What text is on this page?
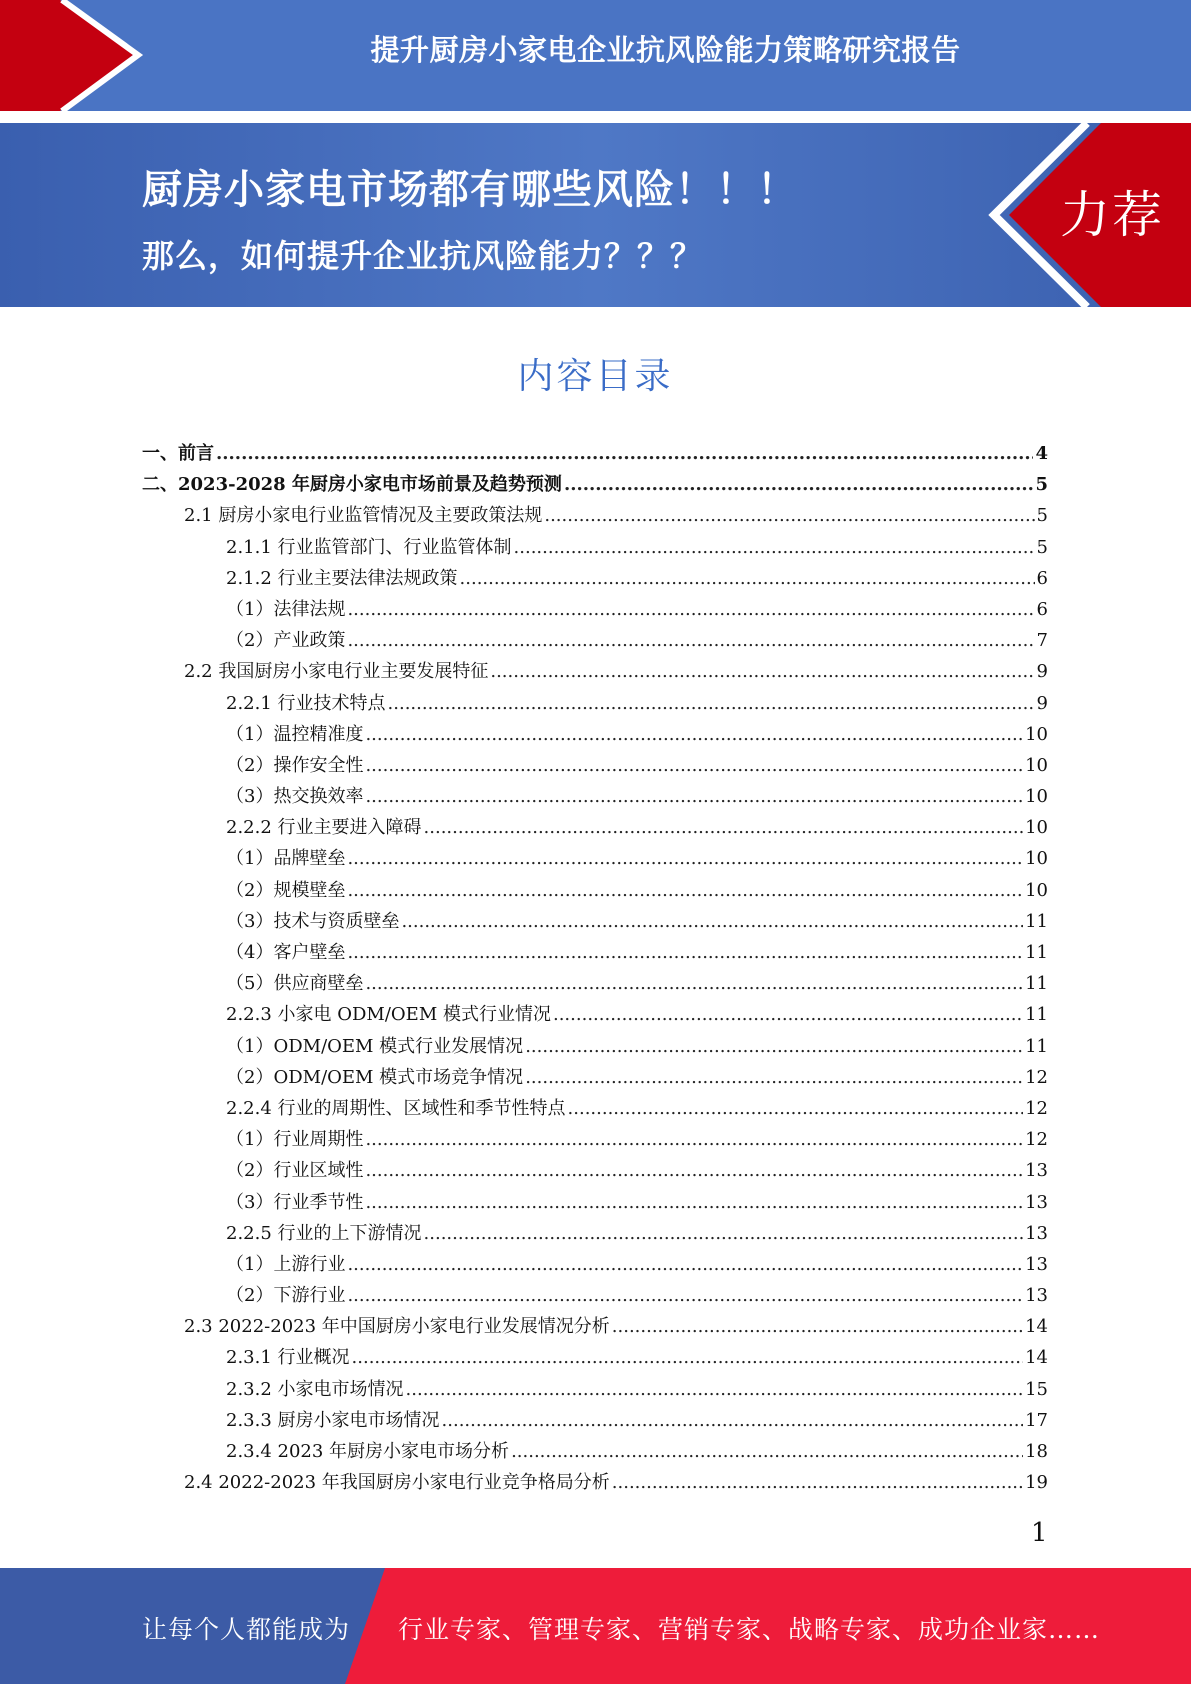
提升厨房小家电企业抗风险能力策略研究报告
厨房小家电市场都有哪些风险！！！
那么，如何提升企业抗风险能力？？？
力荐
内容目录
一、前言 .....	4
二、2023-2028 年厨房小家电市场前景及趋势预测 .....	5
2.1 厨房小家电行业监管情况及主要政策法规 .....	5
2.1.1 行业监管部门、行业监管体制 .....	5
2.1.2 行业主要法律法规政策 .....	6
（1）法律法规 .....	6
（2）产业政策 .....	7
2.2 我国厨房小家电行业主要发展特征 .....	9
2.2.1 行业技术特点 .....	9
（1）温控精准度 .....	10
（2）操作安全性 .....	10
（3）热交换效率 .....	10
2.2.2 行业主要进入障碍 .....	10
（1）品牌壁垒 .....	10
（2）规模壁垒 .....	10
（3）技术与资质壁垒 .....	11
（4）客户壁垒 .....	11
（5）供应商壁垒 .....	11
2.2.3 小家电 ODM/OEM 模式行业情况 .....	11
（1）ODM/OEM 模式行业发展情况 .....	11
（2）ODM/OEM 模式市场竞争情况 .....	12
2.2.4 行业的周期性、区域性和季节性特点 .....	12
（1）行业周期性 .....	12
（2）行业区域性 .....	13
（3）行业季节性 .....	13
2.2.5 行业的上下游情况 .....	13
（1）上游行业 .....	13
（2）下游行业 .....	13
2.3 2022-2023 年中国厨房小家电行业发展情况分析 .....	14
2.3.1 行业概况 .....	14
2.3.2 小家电市场情况 .....	15
2.3.3 厨房小家电市场情况 .....	17
2.3.4 2023 年厨房小家电市场分析 .....	18
2.4 2022-2023 年我国厨房小家电行业竞争格局分析 .....	19
1
让每个人都能成为 行业专家、管理专家、营销专家、战略专家、成功企业家……
